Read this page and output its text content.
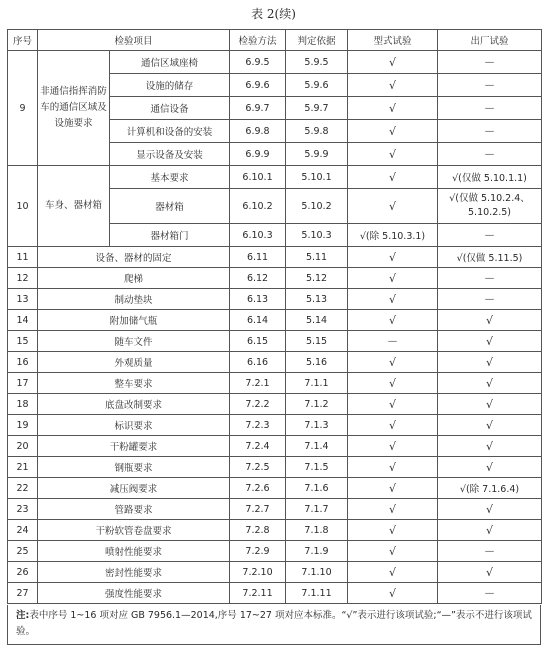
表 2(续)
序号	检验项目		检验方法	判定依据	型式试验	出厂试验
9	非通信指挥消防车的通信区域及设施要求	通信区域座椅	6.9.5	5.9.5	√	—
		设施的储存	6.9.6	5.9.6	√	—
		通信设备	6.9.7	5.9.7	√	—
		计算机和设备的安装	6.9.8	5.9.8	√	—
		显示设备及安装	6.9.9	5.9.9	√	—
10	车身、器材箱	基本要求	6.10.1	5.10.1	√	√(仅做 5.10.1.1)
		器材箱	6.10.2	5.10.2	√	√(仅做 5.10.2.4、5.10.2.5)
		器材箱门	6.10.3	5.10.3	√(除 5.10.3.1)	—
11	设备、器材的固定		6.11	5.11	√	√(仅做 5.11.5)
12	爬梯		6.12	5.12	√	—
13	制动垫块		6.13	5.13	√	—
14	附加储气瓶		6.14	5.14	√	√
15	随车文件		6.15	5.15	—	√
16	外观质量		6.16	5.16	√	√
17	整车要求		7.2.1	7.1.1	√	√
18	底盘改制要求		7.2.2	7.1.2	√	√
19	标识要求		7.2.3	7.1.3	√	√
20	干粉罐要求		7.2.4	7.1.4	√	√
21	钢瓶要求		7.2.5	7.1.5	√	√
22	减压阀要求		7.2.6	7.1.6	√	√(除 7.1.6.4)
23	管路要求		7.2.7	7.1.7	√	√
24	干粉软管卷盘要求		7.2.8	7.1.8	√	√
25	喷射性能要求		7.2.9	7.1.9	√	—
26	密封性能要求		7.2.10	7.1.10	√	√
27	强度性能要求		7.2.11	7.1.11	√	—
注:表中序号 1~16 项对应 GB 7956.1—2014,序号 17~27 项对应本标准。“√”表示进行该项试验;“—”表示不进行该项试验。
